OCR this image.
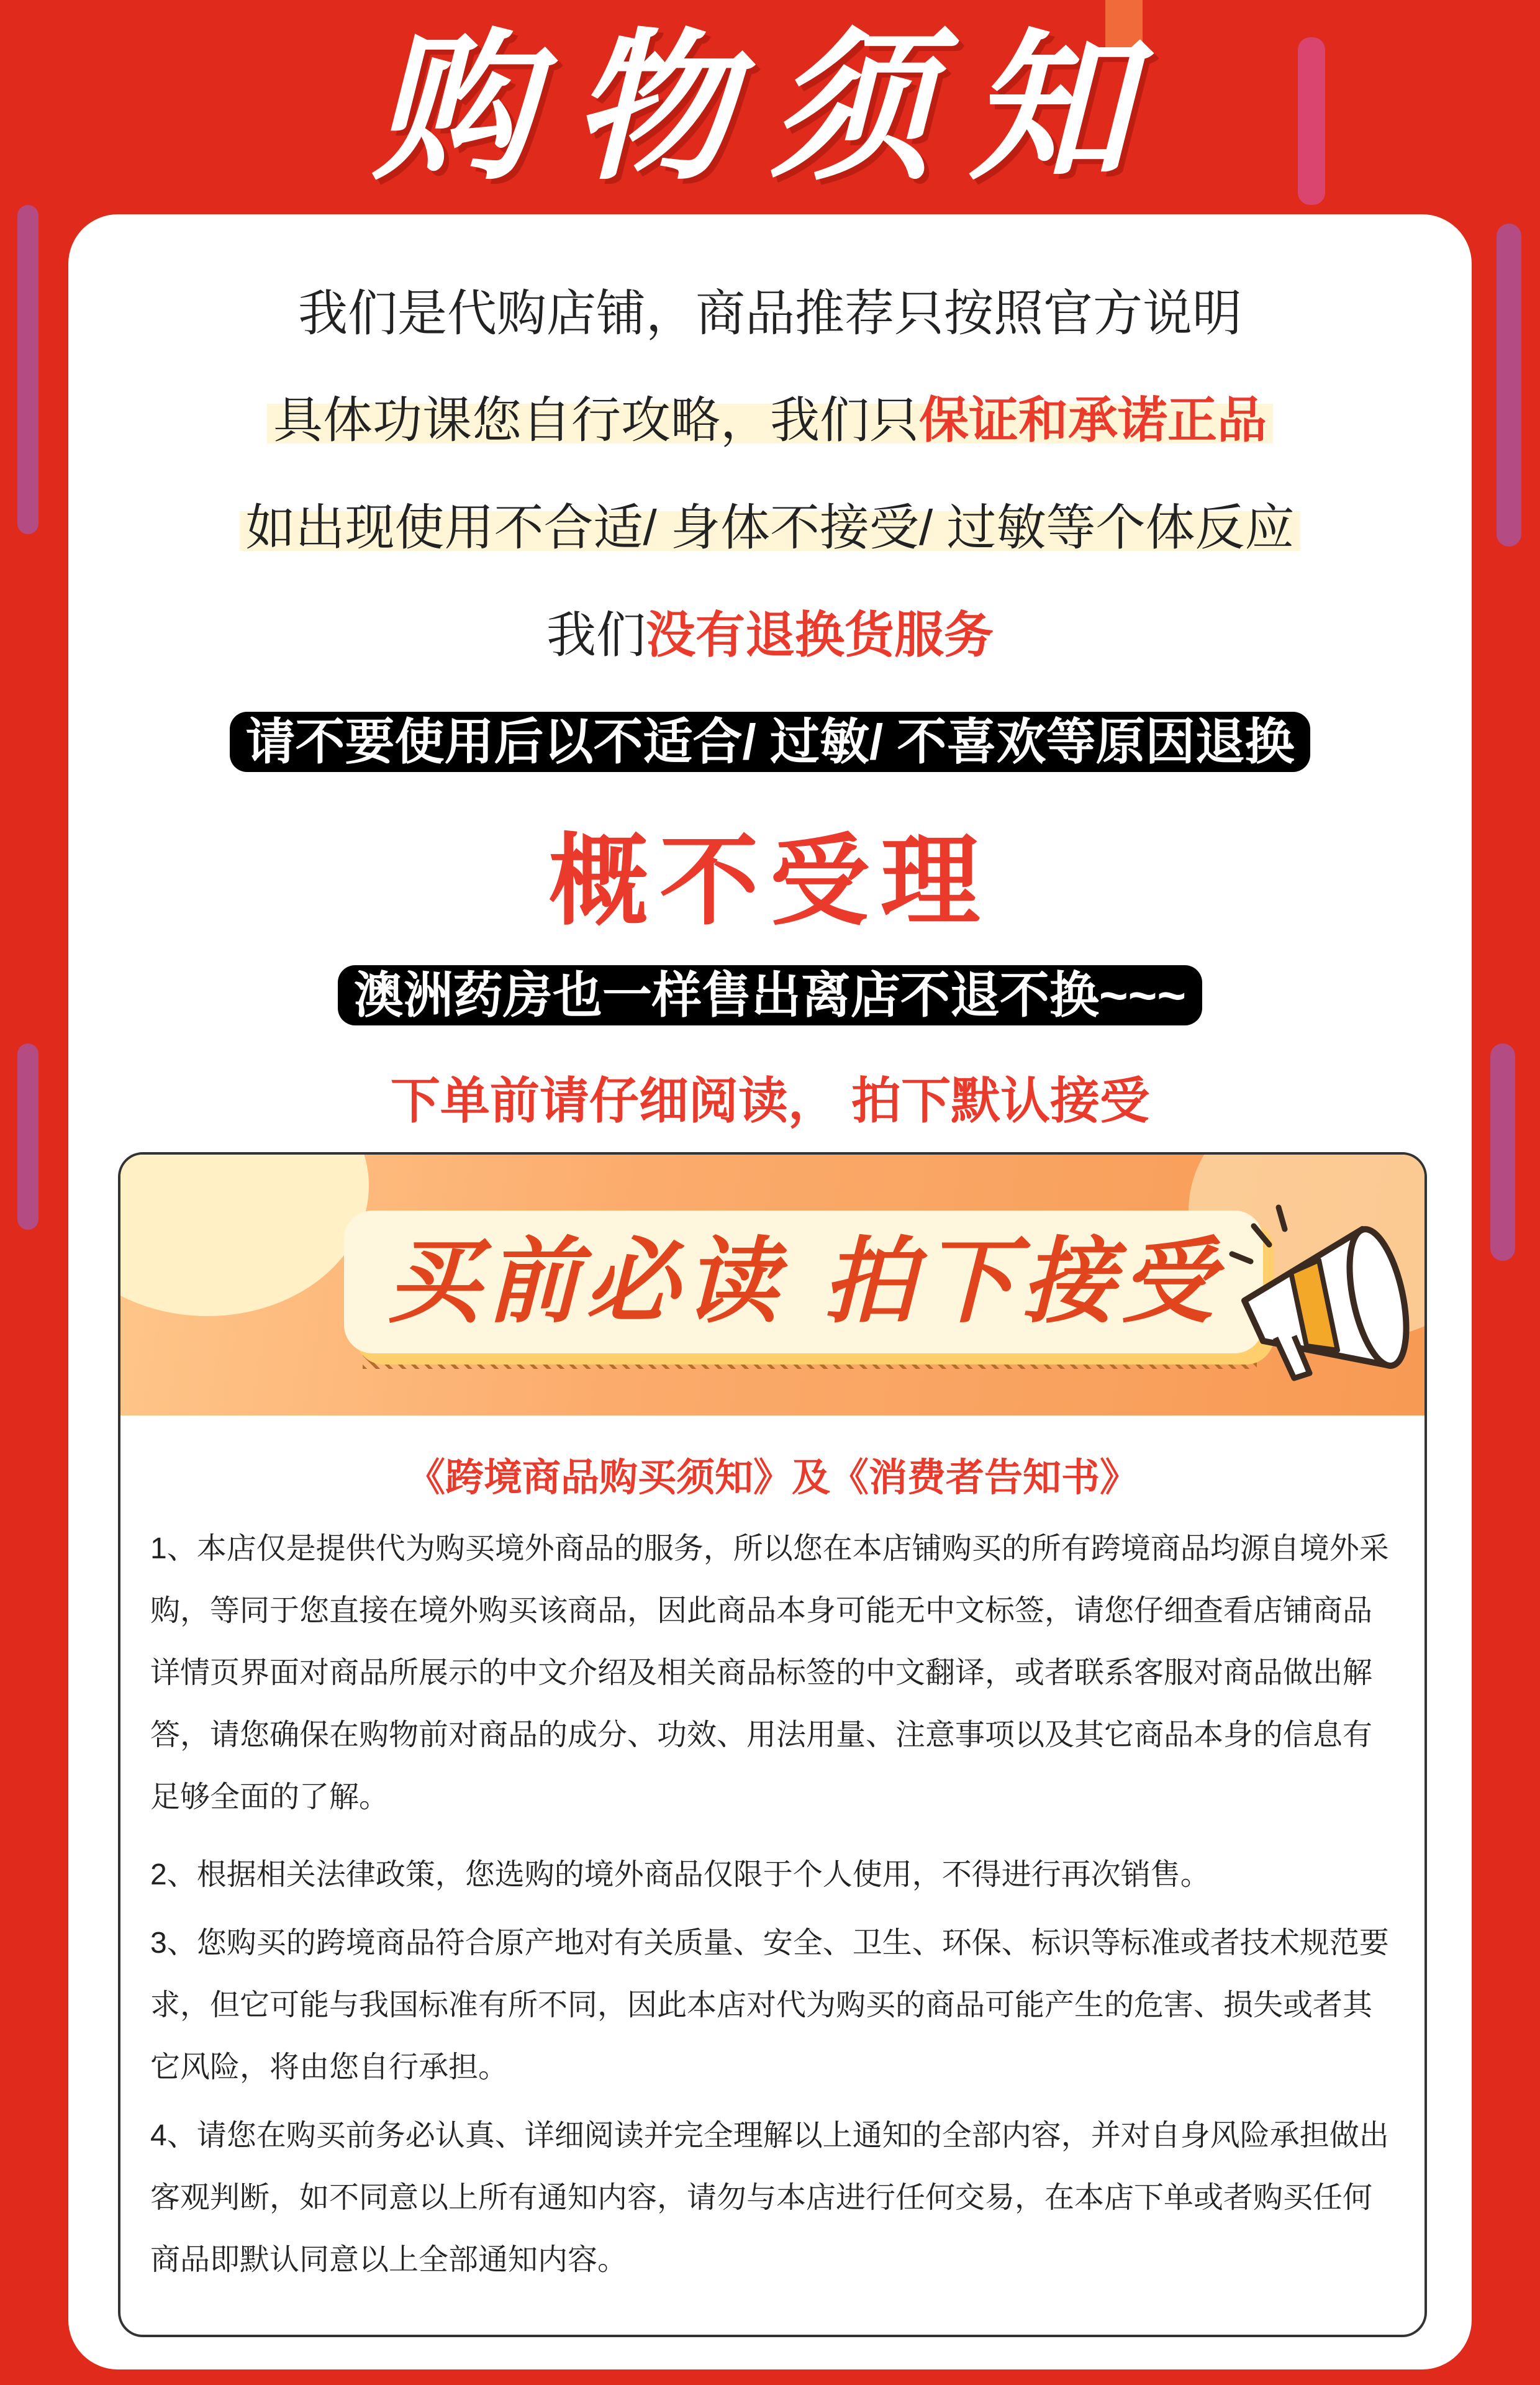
购物须知
我们是代购店铺，商品推荐只按照官方说明
具体功课您自行攻略，我们只保证和承诺正品
如出现使用不合适/ 身体不接受/ 过敏等个体反应
我们没有退换货服务
请不要使用后以不适合/ 过敏/ 不喜欢等原因退换
概不受理
澳洲药房也一样售出离店不退不换~~~
下单前请仔细阅读， 拍下默认接受
买前必读 拍下接受
《跨境商品购买须知》及《消费者告知书》
1、本店仅是提供代为购买境外商品的服务，所以您在本店铺购买的所有跨境商品均源自境外采
购，等同于您直接在境外购买该商品，因此商品本身可能无中文标签，请您仔细查看店铺商品
详情页界面对商品所展示的中文介绍及相关商品标签的中文翻译，或者联系客服对商品做出解
答，请您确保在购物前对商品的成分、功效、用法用量、注意事项以及其它商品本身的信息有
足够全面的了解。
2、根据相关法律政策，您选购的境外商品仅限于个人使用，不得进行再次销售。
3、您购买的跨境商品符合原产地对有关质量、安全、卫生、环保、标识等标准或者技术规范要
求，但它可能与我国标准有所不同，因此本店对代为购买的商品可能产生的危害、损失或者其
它风险，将由您自行承担。
4、请您在购买前务必认真、详细阅读并完全理解以上通知的全部内容，并对自身风险承担做出
客观判断，如不同意以上所有通知内容，请勿与本店进行任何交易，在本店下单或者购买任何
商品即默认同意以上全部通知内容。
